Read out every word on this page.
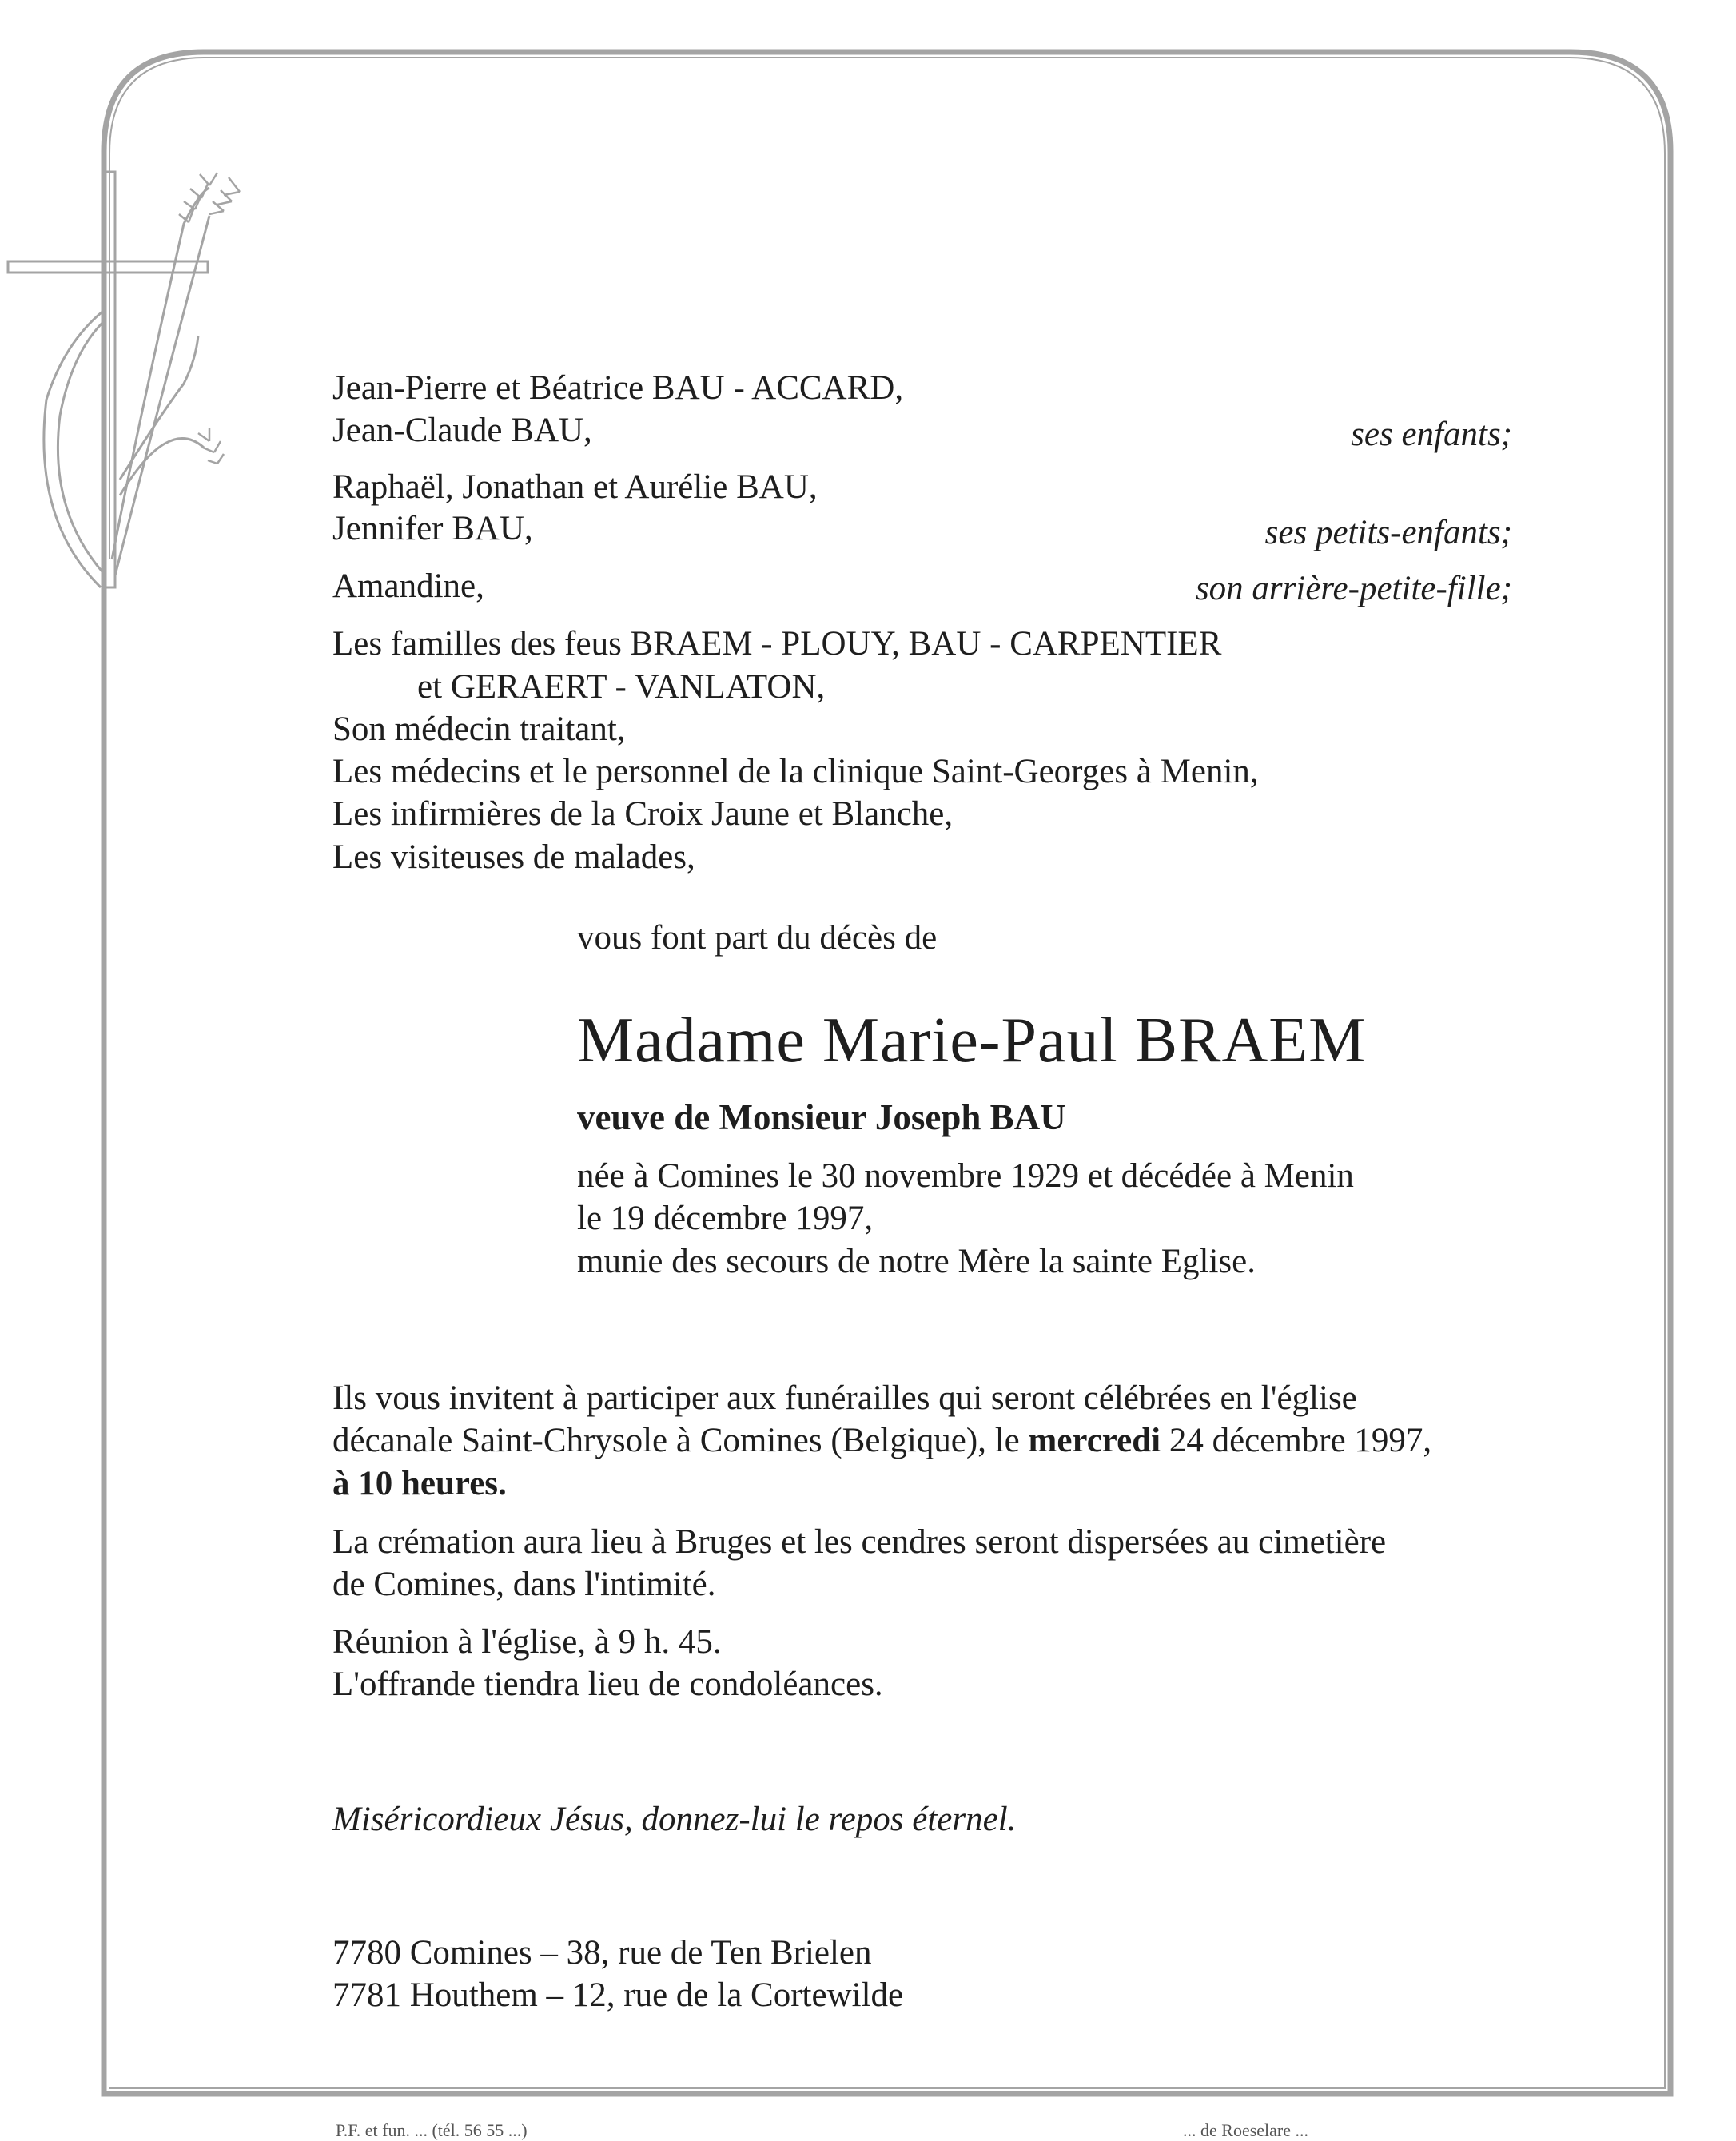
Jean-Pierre et Béatrice BAU - ACCARD,
Jean-Claude BAU,	ses enfants;
Raphaël, Jonathan et Aurélie BAU,
Jennifer BAU,	ses petits-enfants;
Amandine,	son arrière-petite-fille;
Les familles des feus BRAEM - PLOUY, BAU - CARPENTIER
et GERAERT - VANLATON,
Son médecin traitant,
Les médecins et le personnel de la clinique Saint-Georges à Menin,
Les infirmières de la Croix Jaune et Blanche,
Les visiteuses de malades,
vous font part du décès de
Madame Marie-Paul BRAEM
veuve de Monsieur Joseph BAU
née à Comines le 30 novembre 1929 et décédée à Menin
le 19 décembre 1997,
munie des secours de notre Mère la sainte Eglise.
Ils vous invitent à participer aux funérailles qui seront célébrées en l'église
décanale Saint-Chrysole à Comines (Belgique), le mercredi 24 décembre 1997,
à 10 heures.
La crémation aura lieu à Bruges et les cendres seront dispersées au cimetière
de Comines, dans l'intimité.
Réunion à l'église, à 9 h. 45.
L'offrande tiendra lieu de condoléances.
Miséricordieux Jésus, donnez-lui le repos éternel.
7780 Comines – 38, rue de Ten Brielen
7781 Houthem – 12, rue de la Cortewilde
P.F. et fun. ... (tél. 56 55 ...)	... de Roeselare ...
